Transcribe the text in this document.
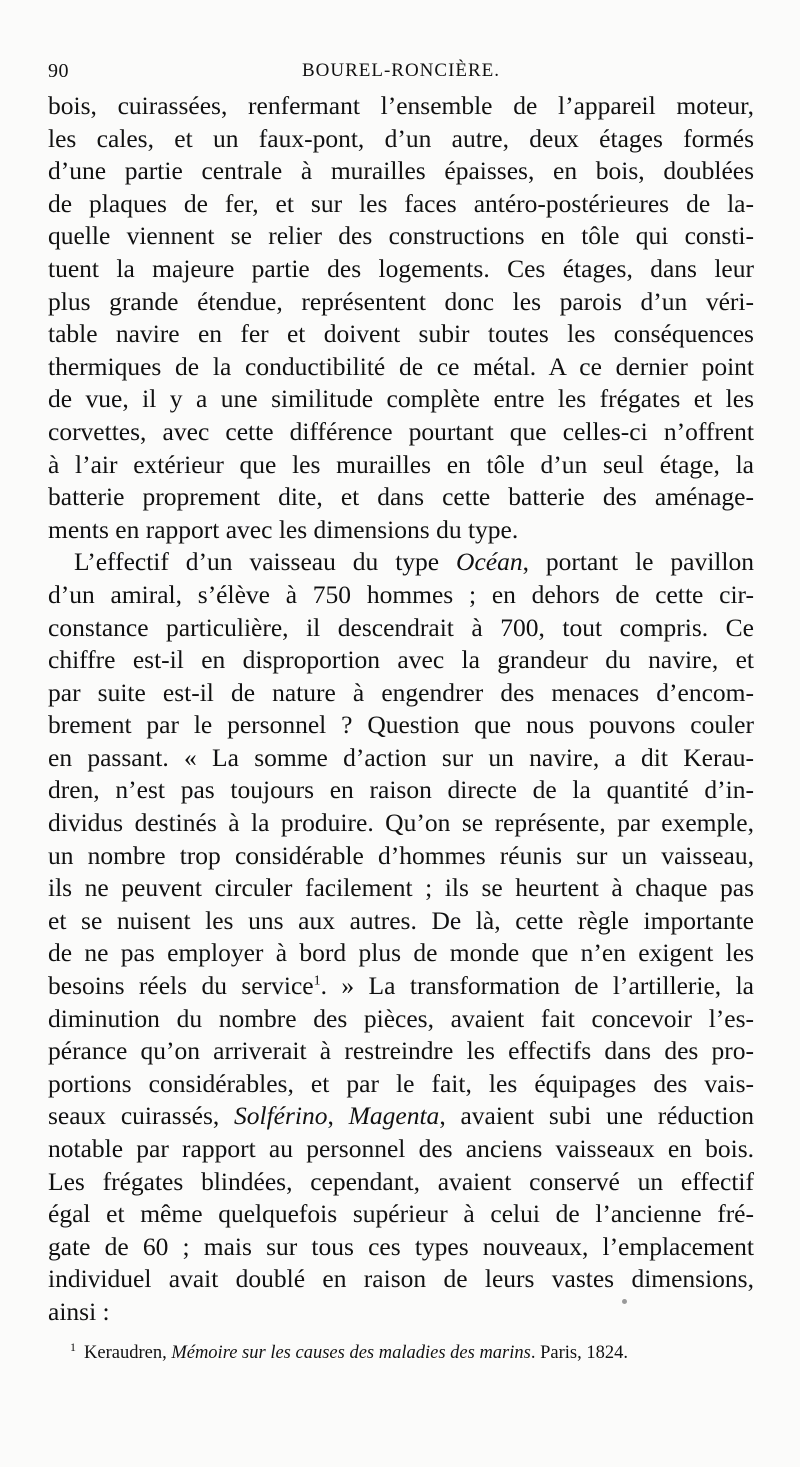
90	BOUREL-RONCIÈRE.
bois, cuirassées, renfermant l’ensemble de l’appareil moteur,
les cales, et un faux-pont, d’un autre, deux étages formés
d’une partie centrale à murailles épaisses, en bois, doublées
de plaques de fer, et sur les faces antéro-postérieures de la-
quelle viennent se relier des constructions en tôle qui consti-
tuent la majeure partie des logements. Ces étages, dans leur
plus grande étendue, représentent donc les parois d’un véri-
table navire en fer et doivent subir toutes les conséquences
thermiques de la conductibilité de ce métal. A ce dernier point
de vue, il y a une similitude complète entre les frégates et les
corvettes, avec cette différence pourtant que celles-ci n’offrent
à l’air extérieur que les murailles en tôle d’un seul étage, la
batterie proprement dite, et dans cette batterie des aménage-
ments en rapport avec les dimensions du type.
L’effectif d’un vaisseau du type Océan, portant le pavillon
d’un amiral, s’élève à 750 hommes ; en dehors de cette cir-
constance particulière, il descendrait à 700, tout compris. Ce
chiffre est-il en disproportion avec la grandeur du navire, et
par suite est-il de nature à engendrer des menaces d’encom-
brement par le personnel ? Question que nous pouvons couler
en passant. « La somme d’action sur un navire, a dit Kerau-
dren, n’est pas toujours en raison directe de la quantité d’in-
dividus destinés à la produire. Qu’on se représente, par exemple,
un nombre trop considérable d’hommes réunis sur un vaisseau,
ils ne peuvent circuler facilement ; ils se heurtent à chaque pas
et se nuisent les uns aux autres. De là, cette règle importante
de ne pas employer à bord plus de monde que n’en exigent les
besoins réels du service$^1$. » La transformation de l’artillerie, la
diminution du nombre des pièces, avaient fait concevoir l’es-
pérance qu’on arriverait à restreindre les effectifs dans des pro-
portions considérables, et par le fait, les équipages des vais-
seaux cuirassés, Solférino, Magenta, avaient subi une réduction
notable par rapport au personnel des anciens vaisseaux en bois.
Les frégates blindées, cependant, avaient conservé un effectif
égal et même quelquefois supérieur à celui de l’ancienne fré-
gate de 60 ; mais sur tous ces types nouveaux, l’emplacement
individuel avait doublé en raison de leurs vastes dimensions,
ainsi :
$^1$ Keraudren, Mémoire sur les causes des maladies des marins. Paris, 1824.
